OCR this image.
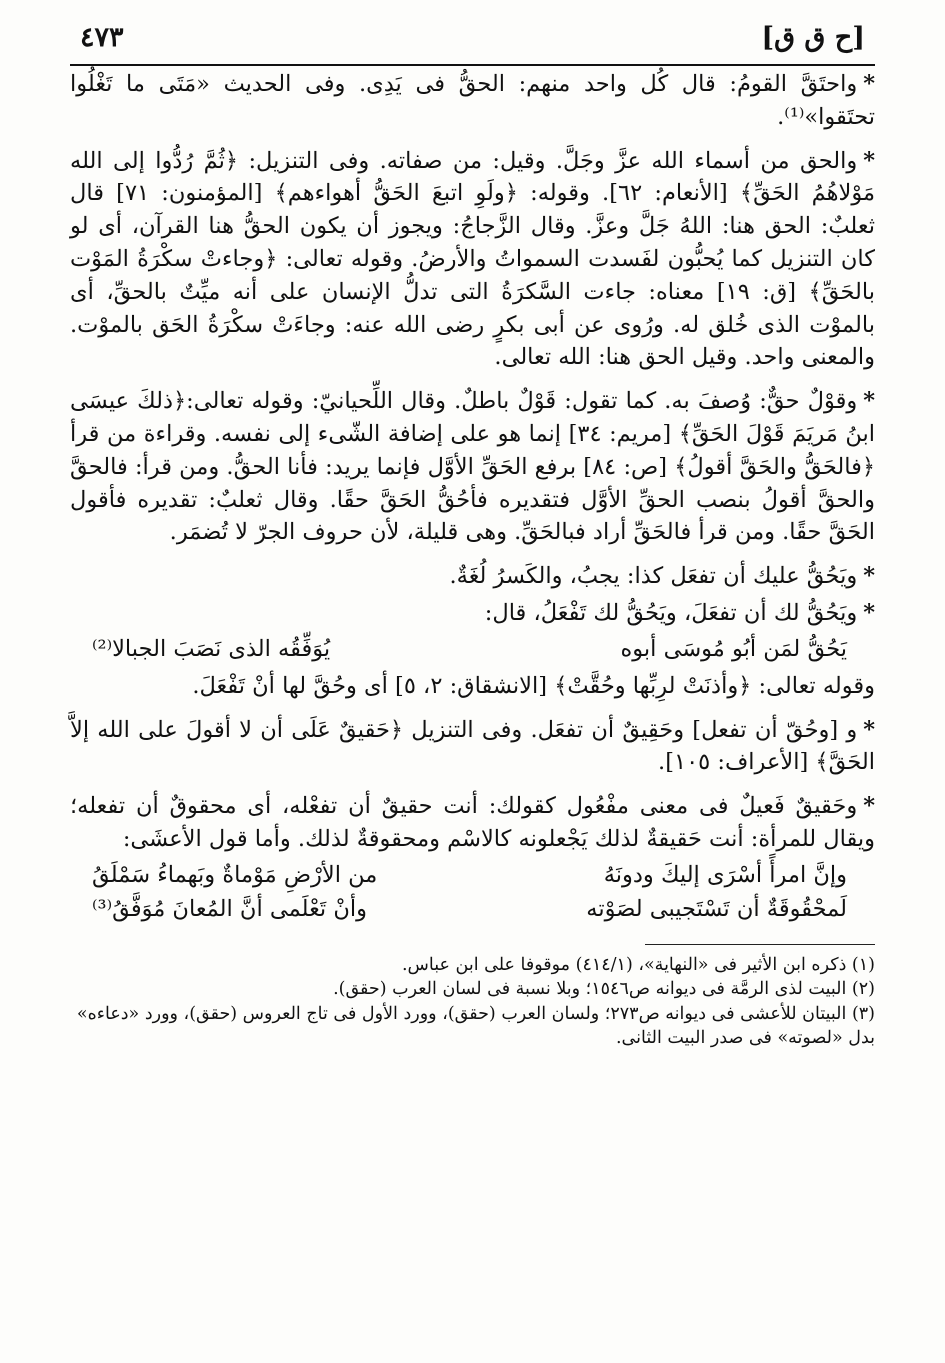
[ح ق ق]
٤٧٣

*واحتَقَّ القومُ: قال كُل واحد منهم: الحقُّ فى يَدِى. وفى الحديث «مَتَى ما تَغْلُوا تحتَقوا»⁽¹⁾.

*والحق من أسماء الله عزَّ وجَلَّ. وقيل: من صفاته. وفى التنزيل: ﴿ثُمَّ رُدُّوا إلى الله مَوْلاهُمُ الحَقِّ﴾ [الأنعام: ٦٢]. وقوله: ﴿ولَوِ اتبعَ الحَقُّ أهواءهم﴾ [المؤمنون: ٧١] قال ثعلبٌ: الحق هنا: اللهُ جَلَّ وعزَّ. وقال الزَّجاجُ: ويجوز أن يكون الحقُّ هنا القرآن، أى لو كان التنزيل كما يُحبُّون لفَسدت السمواتُ والأرضُ. وقوله تعالى: ﴿وجاءتْ سكْرَةُ المَوْت بالحَقِّ﴾ [ق: ١٩] معناه: جاءت السَّكرَةُ التى تدلُّ الإنسان على أنه ميِّتٌ بالحقِّ، أى بالموْت الذى خُلق له. ورُوى عن أبى بكرٍ رضى الله عنه: وجاءَتْ سكْرَةُ الحَق بالموْت. والمعنى واحد. وقيل الحق هنا: الله تعالى.

*وقوْلٌ حقٌّ: وُصفَ به. كما تقول: قَوْلٌ باطلٌ. وقال اللِّحيانيّ: وقوله تعالى:﴿ذلكَ عيسَى ابنُ مَريَمَ قَوْلَ الحَقِّ﴾ [مريم: ٣٤] إنما هو على إضافة الشّىء إلى نفسه. وقراءة من قرأ ﴿فالحَقُّ والحَقَّ أقولُ﴾ [ص: ٨٤] برفع الحَقِّ الأوَّل فإنما يريد: فأنا الحقُّ. ومن قرأ: فالحقَّ والحقَّ أقولُ بنصب الحقِّ الأوَّل فتقديره فأحُقُّ الحَقَّ حقًا. وقال ثعلبٌ: تقديره فأقول الحَقَّ حقًا. ومن قرأ فالحَقِّ أراد فبالحَقِّ. وهى قليلة، لأن حروف الجرّ لا تُضمَر.

*ويَحُقُّ عليك أن تفعَل كذا: يجبُ، والكَسرُ لُغَةٌ.

*ويَحُقُّ لك أن تفعَلَ، ويَحُقُّ لك تَفْعَلُ، قال:

يَحُقُّ لمَن أبُو مُوسَى أبوه
يُوَفِّقُه الذى نَصَبَ الجبالا⁽²⁾

وقوله تعالى: ﴿وأذنَتْ لرِبِّها وحُقَّتْ﴾ [الانشقاق: ٢، ٥] أى وحُقَّ لها أنْ تَفْعَلَ.

*و [وحُقّ أن تفعل] وحَقِيقٌ أن تفعَل. وفى التنزيل ﴿حَقيقٌ عَلَى أن لا أقولَ على الله إلاَّ الحَقَّ﴾ [الأعراف: ١٠٥].

*وحَقيقٌ فَعيلٌ فى معنى مفْعُول كقولك: أنت حقيقٌ أن تفعْله، أى محقوقٌ أن تفعله؛ ويقال للمرأة: أنت حَقيقةٌ لذلك يَجْعلونه كالاسْم ومحقوقةٌ لذلك. وأما قول الأعشَى:

وإنَّ امرأً أسْرَى إليكَ ودونَهُ
من الأرْضِ مَوْماةٌ وبَهماءُ سَمْلَقُ
لَمحْقُوقَةٌ أن تَسْتَجيبى لصَوْته
وأنْ تَعْلَمى أنَّ المُعانَ مُوَفَّقُ⁽³⁾

(١) ذكره ابن الأثير فى «النهاية»، (٤١٤/١) موقوفا على ابن عباس.

(٢) البيت لذى الرمَّة فى ديوانه ص١٥٤٦؛ وبلا نسبة فى لسان العرب (حقق).

(٣) البيتان للأعشى فى ديوانه ص٢٧٣؛ ولسان العرب (حقق)، وورد الأول فى تاج العروس (حقق)، وورد «دعاءه» بدل «لصوته» فى صدر البيت الثانى.
